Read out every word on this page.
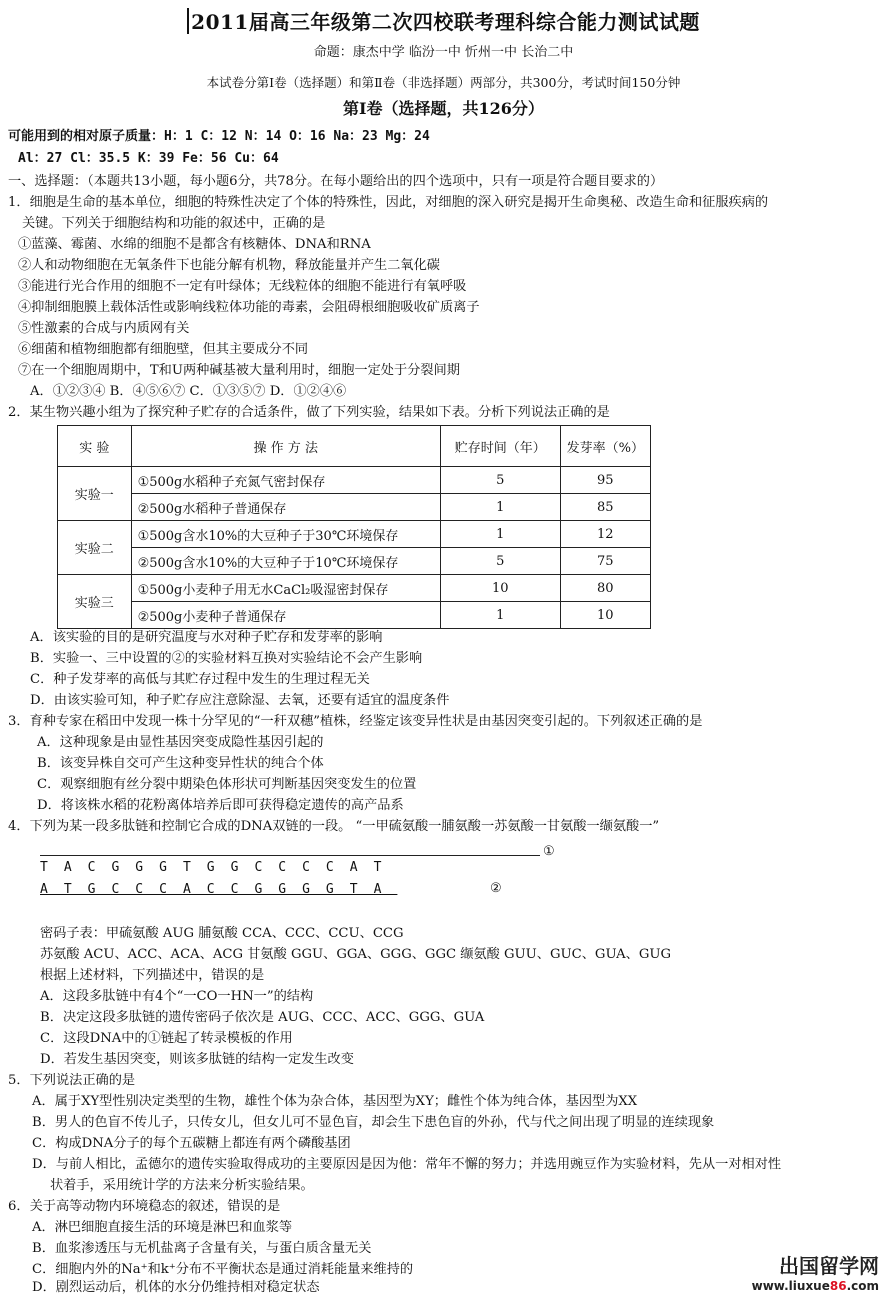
2011届高三年级第二次四校联考理科综合能力测试试题
命题：康杰中学 临汾一中 忻州一中 长治二中
本试卷分第Ⅰ卷（选择题）和第Ⅱ卷（非选择题）两部分，共300分，考试时间150分钟
第Ⅰ卷（选择题，共126分）
可能用到的相对原子质量：H：1 C：12 N：14 O：16 Na：23 Mg：24
Al：27 Cl：35.5 K：39 Fe：56 Cu：64
一、选择题：（本题共13小题，每小题6分，共78分。在每小题给出的四个选项中，只有一项是符合题目要求的）
1．细胞是生命的基本单位，细胞的特殊性决定了个体的特殊性，因此，对细胞的深入研究是揭开生命奥秘、改造生命和征服疾病的
关键。下列关于细胞结构和功能的叙述中，正确的是
①蓝藻、霉菌、水绵的细胞不是都含有核糖体、DNA和RNA
②人和动物细胞在无氧条件下也能分解有机物，释放能量并产生二氧化碳
③能进行光合作用的细胞不一定有叶绿体；无线粒体的细胞不能进行有氧呼吸
④抑制细胞膜上载体活性或影响线粒体功能的毒素，会阻碍根细胞吸收矿质离子
⑤性激素的合成与内质网有关
⑥细菌和植物细胞都有细胞壁，但其主要成分不同
⑦在一个细胞周期中，T和U两种碱基被大量利用时，细胞一定处于分裂间期
A．①②③④ B．④⑤⑥⑦ C．①③⑤⑦ D．①②④⑥
2．某生物兴趣小组为了探究种子贮存的合适条件，做了下列实验，结果如下表。分析下列说法正确的是
实 验	操 作 方 法	贮存时间（年）	发芽率（%）
实验一	①500g水稻种子充氮气密封保存	5	95
	②500g水稻种子普通保存	1	85
实验二	①500g含水10%的大豆种子于30℃环境保存	1	12
	②500g含水10%的大豆种子于10℃环境保存	5	75
实验三	①500g小麦种子用无水CaCl₂吸湿密封保存	10	80
	②500g小麦种子普通保存	1	10
A．该实验的目的是研究温度与水对种子贮存和发芽率的影响
B．实验一、三中设置的②的实验材料互换对实验结论不会产生影响
C．种子发芽率的高低与其贮存过程中发生的生理过程无关
D．由该实验可知，种子贮存应注意除湿、去氧，还要有适宜的温度条件
3．育种专家在稻田中发现一株十分罕见的“一秆双穗”植株，经鉴定该变异性状是由基因突变引起的。下列叙述正确的是
A．这种现象是由显性基因突变成隐性基因引起的
B．该变异株自交可产生这种变异性状的纯合个体
C．观察细胞有丝分裂中期染色体形状可判断基因突变发生的位置
D．将该株水稻的花粉离体培养后即可获得稳定遗传的高产品系
4．下列为某一段多肽链和控制它合成的DNA双链的一段。 “一甲硫氨酸一脯氨酸一苏氨酸一甘氨酸一缬氨酸一”
①
TACGGGTGGCCCCAT
ATGCCCACCGGGGTA	②
密码子表：甲硫氨酸 AUG 脯氨酸 CCA、CCC、CCU、CCG
苏氨酸 ACU、ACC、ACA、ACG 甘氨酸 GGU、GGA、GGG、GGC 缬氨酸 GUU、GUC、GUA、GUG
根据上述材料，下列描述中，错误的是
A．这段多肽链中有4个“一CO一HN一”的结构
B．决定这段多肽链的遗传密码子依次是 AUG、CCC、ACC、GGG、GUA
C．这段DNA中的①链起了转录模板的作用
D．若发生基因突变，则该多肽链的结构一定发生改变
5．下列说法正确的是
A．属于XY型性别决定类型的生物，雄性个体为杂合体，基因型为XY；雌性个体为纯合体，基因型为XX
B．男人的色盲不传儿子，只传女儿，但女儿可不显色盲，却会生下患色盲的外孙，代与代之间出现了明显的连续现象
C．构成DNA分子的每个五碳糖上都连有两个磷酸基团
D．与前人相比，孟德尔的遗传实验取得成功的主要原因是因为他：常年不懈的努力；并选用豌豆作为实验材料，先从一对相对性
状着手，采用统计学的方法来分析实验结果。
6．关于高等动物内环境稳态的叙述，错误的是
A．淋巴细胞直接生活的环境是淋巴和血浆等
B．血浆渗透压与无机盐离子含量有关，与蛋白质含量无关
C．细胞内外的Na⁺和k⁺分布不平衡状态是通过消耗能量来维持的
D．剧烈运动后，机体的水分仍维持相对稳定状态
出国留学网
www.liuxue86.com
